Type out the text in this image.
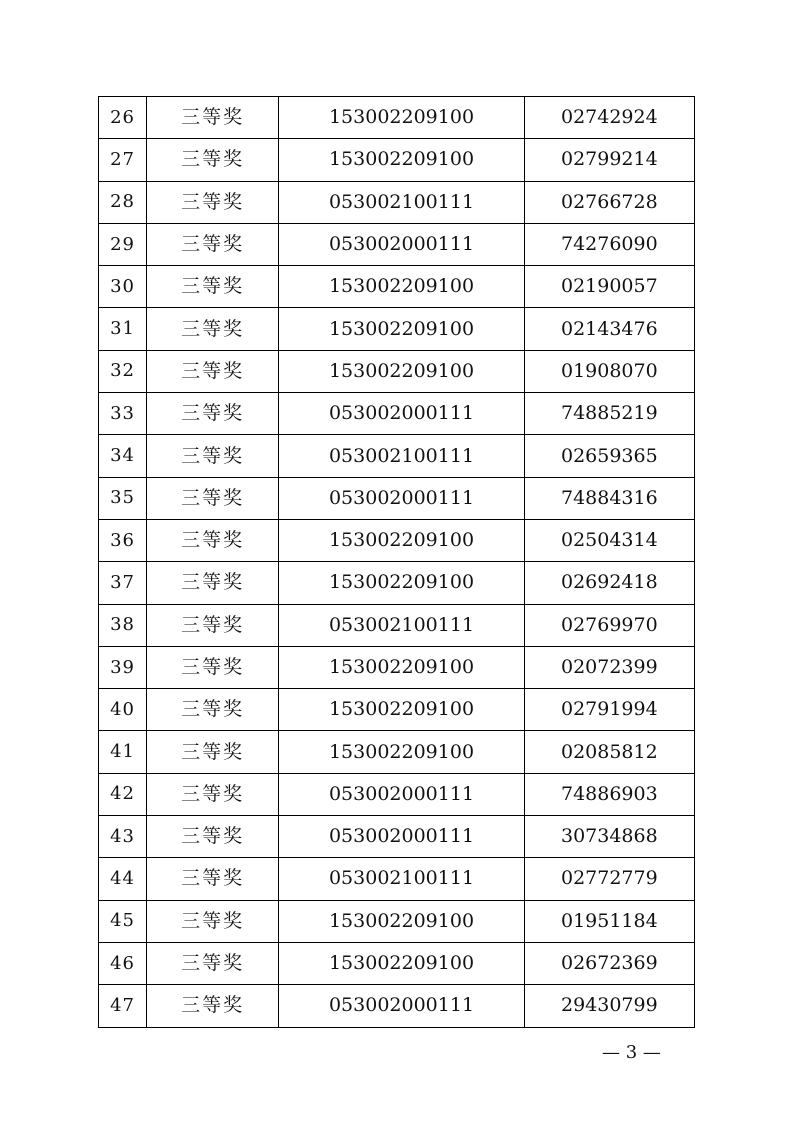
26	三等奖	153002209100	02742924
27	三等奖	153002209100	02799214
28	三等奖	053002100111	02766728
29	三等奖	053002000111	74276090
30	三等奖	153002209100	02190057
31	三等奖	153002209100	02143476
32	三等奖	153002209100	01908070
33	三等奖	053002000111	74885219
34	三等奖	053002100111	02659365
35	三等奖	053002000111	74884316
36	三等奖	153002209100	02504314
37	三等奖	153002209100	02692418
38	三等奖	053002100111	02769970
39	三等奖	153002209100	02072399
40	三等奖	153002209100	02791994
41	三等奖	153002209100	02085812
42	三等奖	053002000111	74886903
43	三等奖	053002000111	30734868
44	三等奖	053002100111	02772779
45	三等奖	153002209100	01951184
46	三等奖	153002209100	02672369
47	三等奖	053002000111	29430799
— 3 —
